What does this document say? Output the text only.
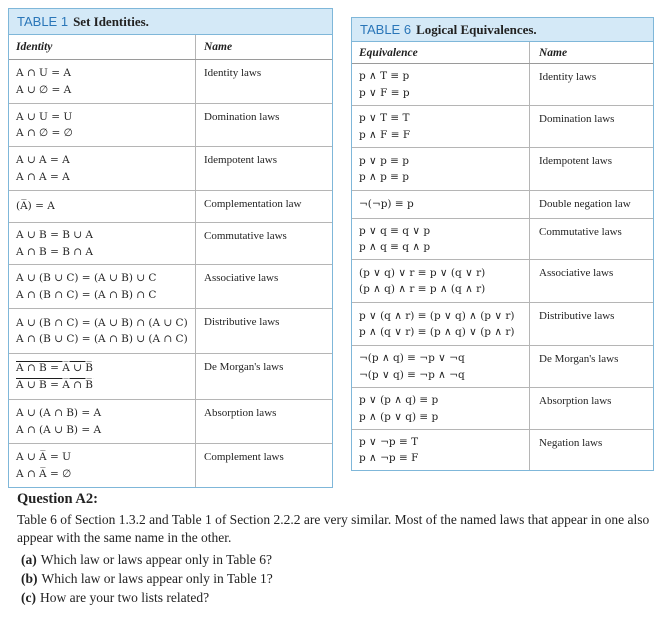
TABLE 1 Set Identities.
Identity	Name
A ∩ U = A
A ∪ ∅ = A
Identity laws
A ∪ U = U
A ∩ ∅ = ∅
Domination laws
A ∪ A = A
A ∩ A = A
Idempotent laws
(A̅) = A	Complementation law
A ∪ B = B ∪ A
A ∩ B = B ∩ A
Commutative laws
A ∪ (B ∪ C) = (A ∪ B) ∪ C
A ∩ (B ∩ C) = (A ∩ B) ∩ C
Associative laws
A ∪ (B ∩ C) = (A ∪ B) ∩ (A ∪ C)
A ∩ (B ∪ C) = (A ∩ B) ∪ (A ∩ C)
Distributive laws
A ∩ B = A̅ ∪ B̅
A ∪ B = A̅ ∩ B̅
De Morgan's laws
A ∪ (A ∩ B) = A
A ∩ (A ∪ B) = A
Absorption laws
A ∪ A̅ = U
A ∩ A̅ = ∅
Complement laws
TABLE 6 Logical Equivalences.
Equivalence	Name
p ∧ T ≡ p
p ∨ F ≡ p
Identity laws
p ∨ T ≡ T
p ∧ F ≡ F
Domination laws
p ∨ p ≡ p
p ∧ p ≡ p
Idempotent laws
¬(¬p) ≡ p	Double negation law
p ∨ q ≡ q ∨ p
p ∧ q ≡ q ∧ p
Commutative laws
(p ∨ q) ∨ r ≡ p ∨ (q ∨ r)
(p ∧ q) ∧ r ≡ p ∧ (q ∧ r)
Associative laws
p ∨ (q ∧ r) ≡ (p ∨ q) ∧ (p ∨ r)
p ∧ (q ∨ r) ≡ (p ∧ q) ∨ (p ∧ r)
Distributive laws
¬(p ∧ q) ≡ ¬p ∨ ¬q
¬(p ∨ q) ≡ ¬p ∧ ¬q
De Morgan's laws
p ∨ (p ∧ q) ≡ p
p ∧ (p ∨ q) ≡ p
Absorption laws
p ∨ ¬p ≡ T
p ∧ ¬p ≡ F
Negation laws
Question A2:
Table 6 of Section 1.3.2 and Table 1 of Section 2.2.2 are very similar. Most of the named laws that appear in one also appear with the same name in the other.
(a) Which law or laws appear only in Table 6?
(b) Which law or laws appear only in Table 1?
(c) How are your two lists related?
